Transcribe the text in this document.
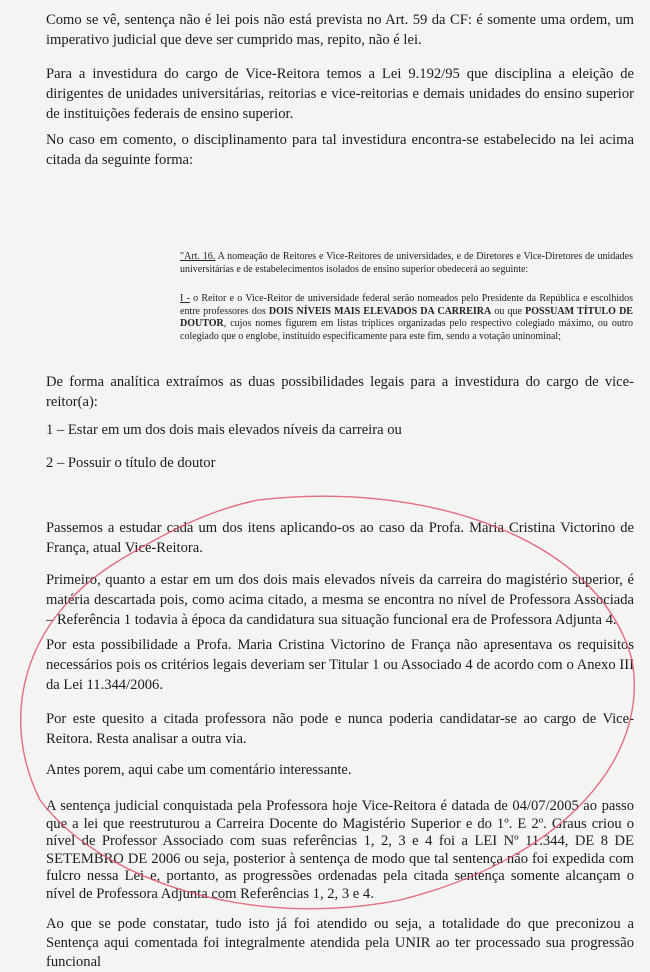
Como se vê, sentença não é lei pois não está prevista no Art. 59 da CF: é somente uma ordem, um imperativo judicial que deve ser cumprido mas, repito, não é lei.

Para a investidura do cargo de Vice-Reitora temos a Lei 9.192/95 que disciplina a eleição de dirigentes de unidades universitárias, reitorias e vice-reitorias e demais unidades do ensino superior de instituições federais de ensino superior.

No caso em comento, o disciplinamento para tal investidura encontra-se estabelecido na lei acima citada da seguinte forma:

"Art. 16. A nomeação de Reitores e Vice-Reitores de universidades, e de Diretores e Vice-Diretores de unidades universitárias e de estabelecimentos isolados de ensino superior obedecerá ao seguinte:

I - o Reitor e o Vice-Reitor de universidade federal serão nomeados pelo Presidente da República e escolhidos entre professores dos DOIS NÍVEIS MAIS ELEVADOS DA CARREIRA ou que POSSUAM TÍTULO DE DOUTOR, cujos nomes figurem em listas tríplices organizadas pelo respectivo colegiado máximo, ou outro colegiado que o englobe, instituído especificamente para este fim, sendo a votação uninominal;

De forma analítica extraímos as duas possibilidades legais para a investidura do cargo de vice-reitor(a):

1 – Estar em um dos dois mais elevados níveis da carreira ou

2 – Possuir o título de doutor

Passemos a estudar cada um dos itens aplicando-os ao caso da Profa. Maria Cristina Victorino de França, atual Vice-Reitora.

Primeiro, quanto a estar em um dos dois mais elevados níveis da carreira do magistério superior, é matéria descartada pois, como acima citado, a mesma se encontra no nível de Professora Associada – Referência 1 todavia à época da candidatura sua situação funcional era de Professora Adjunta 4.

Por esta possibilidade a Profa. Maria Cristina Victorino de França não apresentava os requisitos necessários pois os critérios legais deveriam ser Titular 1 ou Associado 4 de acordo com o Anexo III da Lei 11.344/2006.

Por este quesito a citada professora não pode e nunca poderia candidatar-se ao cargo de Vice-Reitora. Resta analisar a outra via.

Antes porem, aqui cabe um comentário interessante.

A sentença judicial conquistada pela Professora hoje Vice-Reitora é datada de 04/07/2005 ao passo que a lei que reestruturou a Carreira Docente do Magistério Superior e do 1º. E 2º. Graus criou o nível de Professor Associado com suas referências 1, 2, 3 e 4 foi a LEI Nº 11.344, DE 8 DE SETEMBRO DE 2006 ou seja, posterior à sentença de modo que tal sentença não foi expedida com fulcro nessa Lei e, portanto, as progressões ordenadas pela citada sentença somente alcançam o nível de Professora Adjunta com Referências 1, 2, 3 e 4.

Ao que se pode constatar, tudo isto já foi atendido ou seja, a totalidade do que preconizou a Sentença aqui comentada foi integralmente atendida pela UNIR ao ter processado sua progressão funcional
